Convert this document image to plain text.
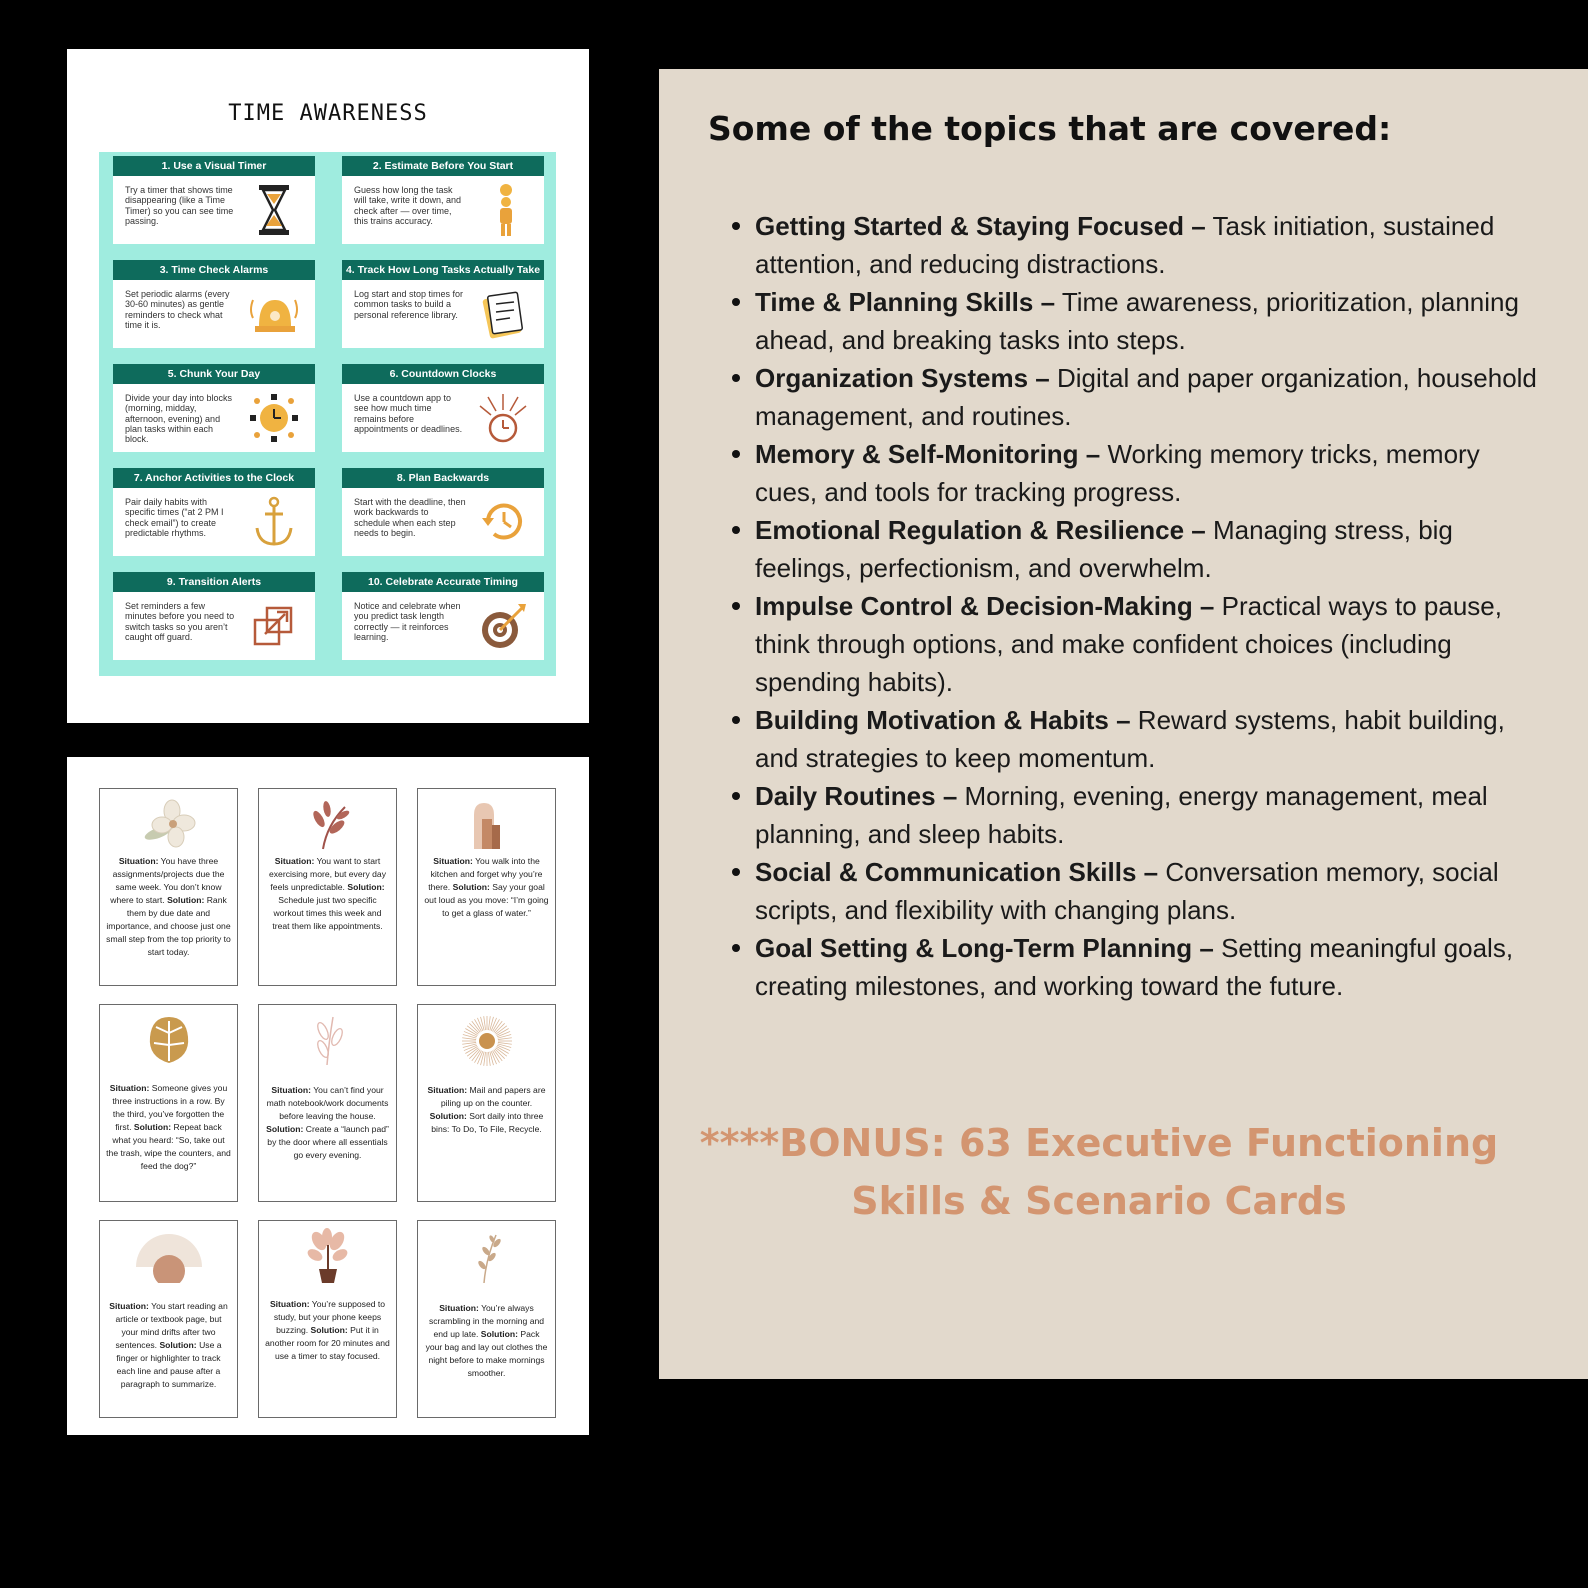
TIME AWARENESS
1. Use a Visual Timer
Try a timer that shows time disappearing (like a Time Timer) so you can see time passing.
2. Estimate Before You Start
Guess how long the task will take, write it down, and check after — over time, this trains accuracy.
3. Time Check Alarms
Set periodic alarms (every 30-60 minutes) as gentle reminders to check what time it is.
4. Track How Long Tasks Actually Take
Log start and stop times for common tasks to build a personal reference library.
5. Chunk Your Day
Divide your day into blocks (morning, midday, afternoon, evening) and plan tasks within each block.
6. Countdown Clocks
Use a countdown app to see how much time remains before appointments or deadlines.
7. Anchor Activities to the Clock
Pair daily habits with specific times (“at 2 PM I check email”) to create predictable rhythms.
8. Plan Backwards
Start with the deadline, then work backwards to schedule when each step needs to begin.
9. Transition Alerts
Set reminders a few minutes before you need to switch tasks so you aren’t caught off guard.
10. Celebrate Accurate Timing
Notice and celebrate when you predict task length correctly — it reinforces learning.
Situation: You have three assignments/projects due the same week. You don’t know where to start. Solution: Rank them by due date and importance, and choose just one small step from the top priority to start today.
Situation: You want to start exercising more, but every day feels unpredictable. Solution: Schedule just two specific workout times this week and treat them like appointments.
Situation: You walk into the kitchen and forget why you’re there. Solution: Say your goal out loud as you move: “I’m going to get a glass of water.”
Situation: Someone gives you three instructions in a row. By the third, you’ve forgotten the first. Solution: Repeat back what you heard: “So, take out the trash, wipe the counters, and feed the dog?”
Situation: You can’t find your math notebook/work documents before leaving the house. Solution: Create a “launch pad” by the door where all essentials go every evening.
Situation: Mail and papers are piling up on the counter. Solution: Sort daily into three bins: To Do, To File, Recycle.
Situation: You start reading an article or textbook page, but your mind drifts after two sentences. Solution: Use a finger or highlighter to track each line and pause after a paragraph to summarize.
Situation: You’re supposed to study, but your phone keeps buzzing. Solution: Put it in another room for 20 minutes and use a timer to stay focused.
Situation: You’re always scrambling in the morning and end up late. Solution: Pack your bag and lay out clothes the night before to make mornings smoother.
Some of the topics that are covered:
Getting Started & Staying Focused – Task initiation, sustained attention, and reducing distractions.
Time & Planning Skills – Time awareness, prioritization, planning ahead, and breaking tasks into steps.
Organization Systems – Digital and paper organization, household management, and routines.
Memory & Self-Monitoring – Working memory tricks, memory cues, and tools for tracking progress.
Emotional Regulation & Resilience – Managing stress, big feelings, perfectionism, and overwhelm.
Impulse Control & Decision-Making – Practical ways to pause, think through options, and make confident choices (including spending habits).
Building Motivation & Habits – Reward systems, habit building, and strategies to keep momentum.
Daily Routines – Morning, evening, energy management, meal planning, and sleep habits.
Social & Communication Skills – Conversation memory, social scripts, and flexibility with changing plans.
Goal Setting & Long-Term Planning – Setting meaningful goals, creating milestones, and working toward the future.
****BONUS: 63 Executive Functioning
Skills & Scenario Cards
